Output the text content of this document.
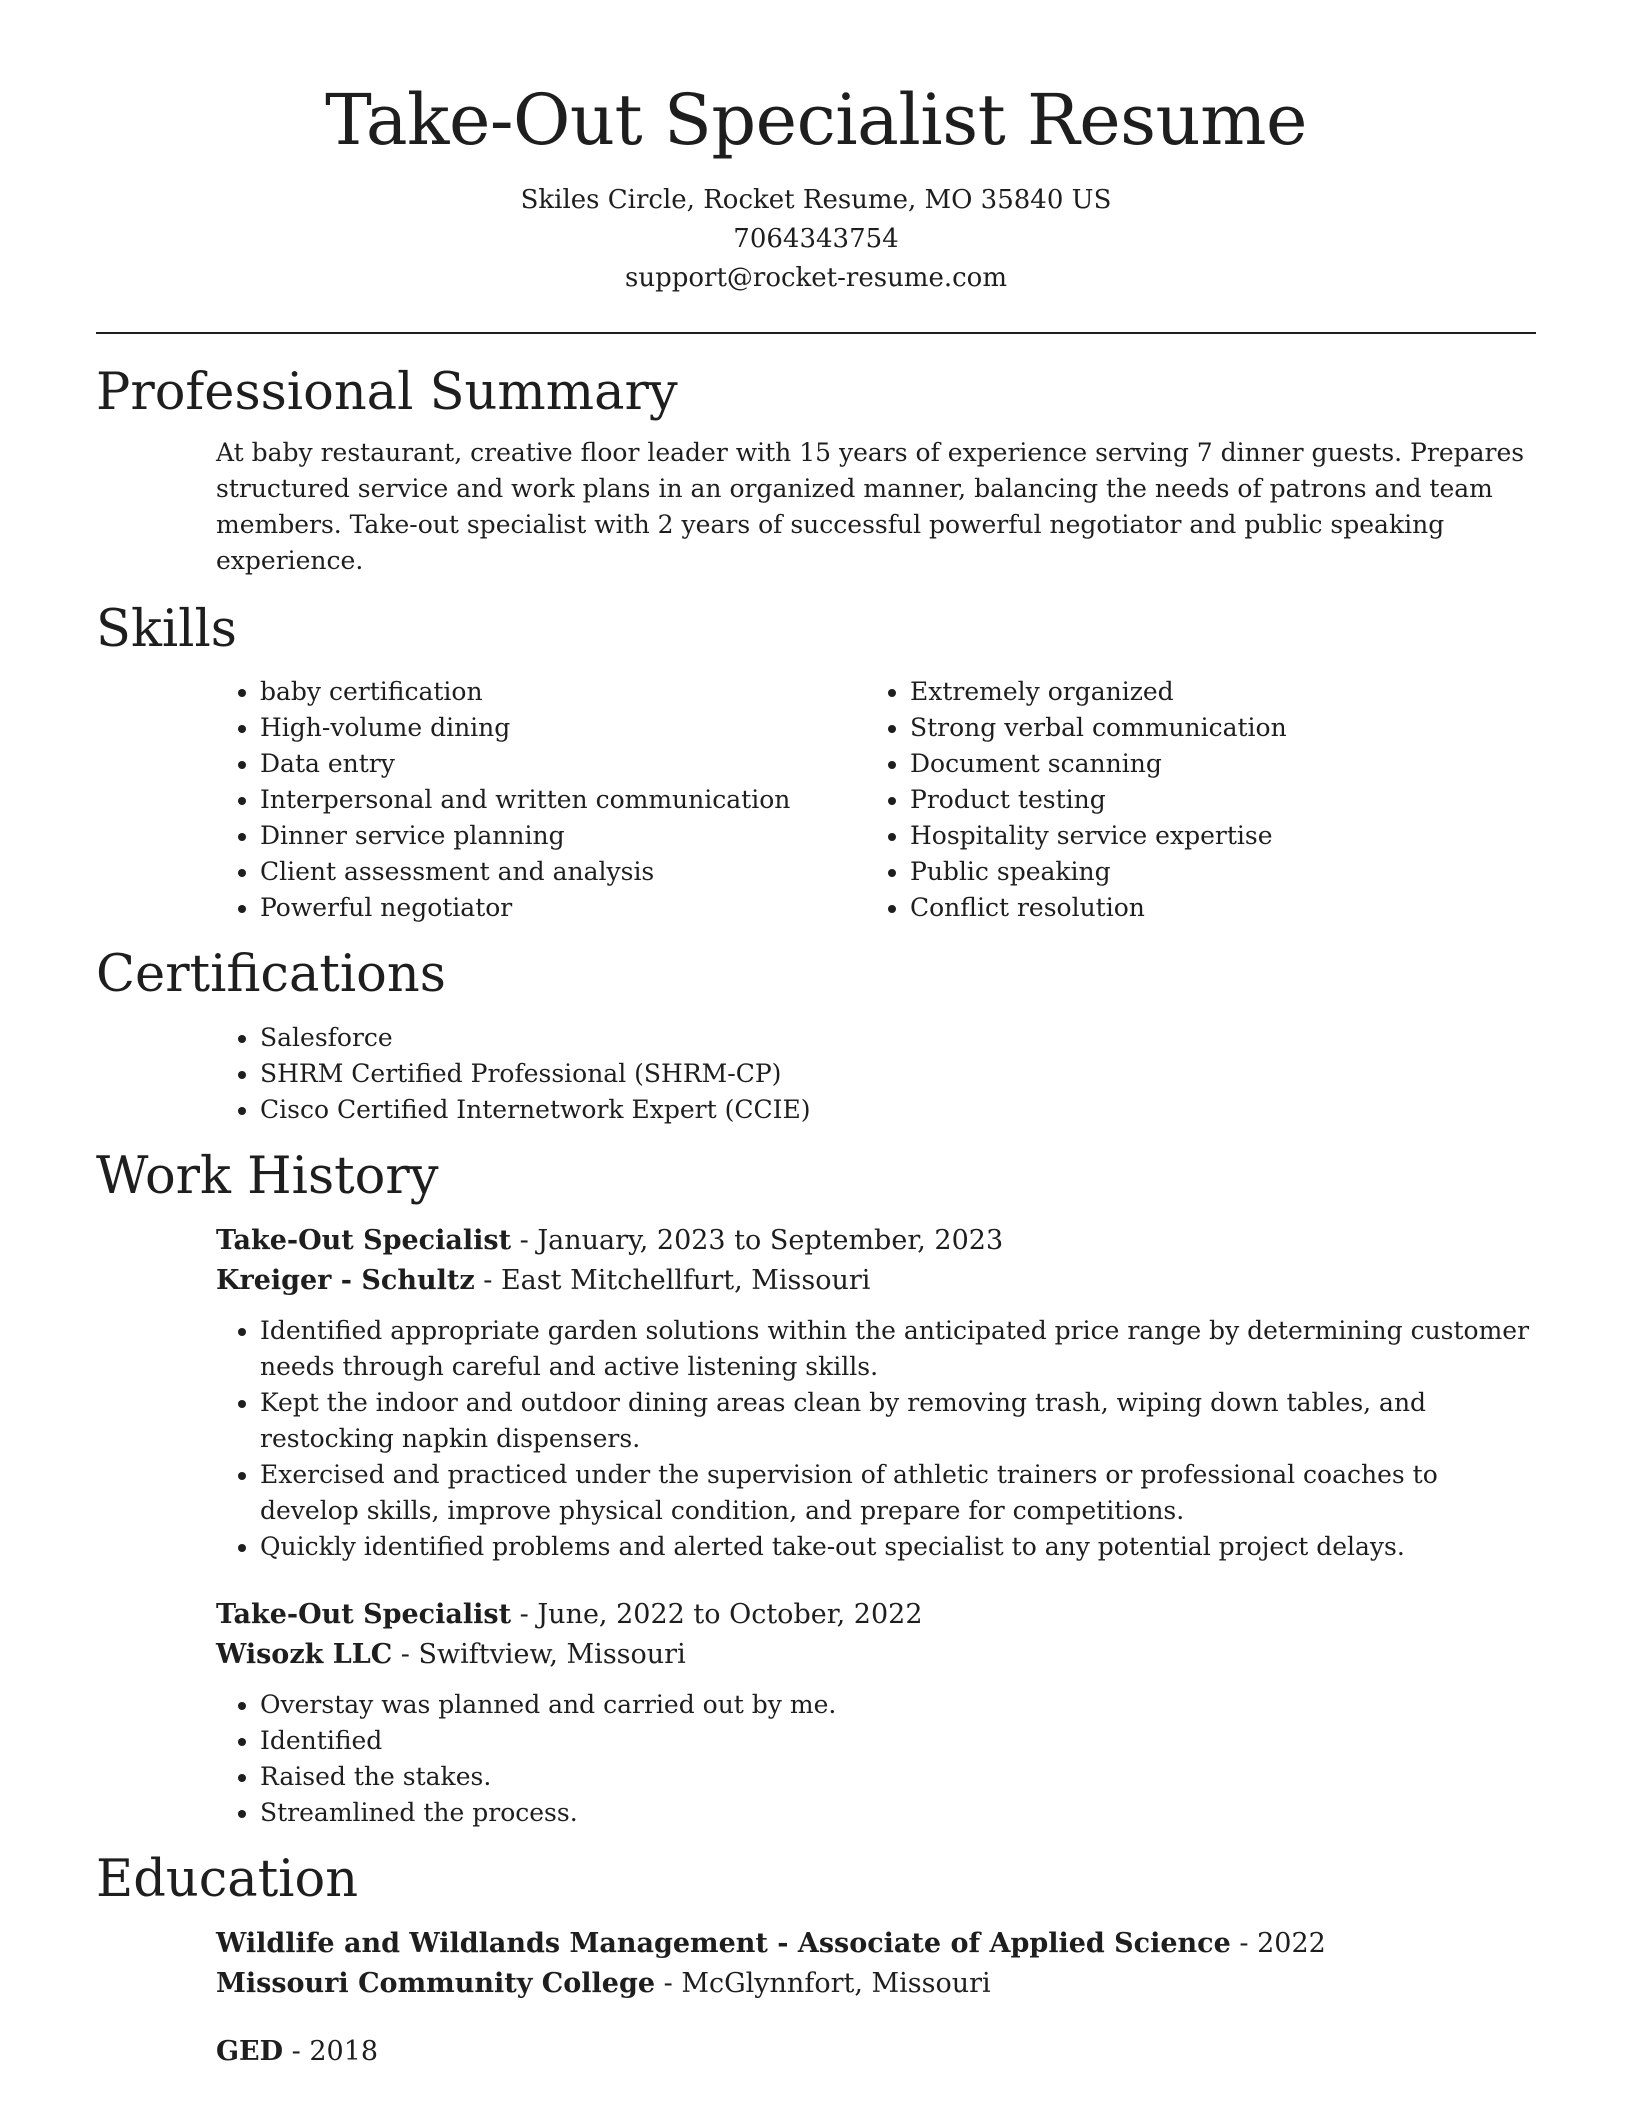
Take-Out Specialist Resume
Skiles Circle, Rocket Resume, MO 35840 US
7064343754
support@rocket-resume.com
Professional Summary

At baby restaurant, creative floor leader with 15 years of experience serving 7 dinner guests. Prepares structured service and work plans in an organized manner, balancing the needs of patrons and team members. Take-out specialist with 2 years of successful powerful negotiator and public speaking experience.

Skills
• baby certification
• High-volume dining
• Data entry
• Interpersonal and written communication
• Dinner service planning
• Client assessment and analysis
• Powerful negotiator
• Extremely organized
• Strong verbal communication
• Document scanning
• Product testing
• Hospitality service expertise
• Public speaking
• Conflict resolution
Certifications
• Salesforce
• SHRM Certified Professional (SHRM-CP)
• Cisco Certified Internetwork Expert (CCIE)
Work History
Take-Out Specialist - January, 2023 to September, 2023
Kreiger - Schultz - East Mitchellfurt, Missouri
• Identified appropriate garden solutions within the anticipated price range by determining customer needs through careful and active listening skills.
• Kept the indoor and outdoor dining areas clean by removing trash, wiping down tables, and restocking napkin dispensers.
• Exercised and practiced under the supervision of athletic trainers or professional coaches to develop skills, improve physical condition, and prepare for competitions.
• Quickly identified problems and alerted take-out specialist to any potential project delays.
Take-Out Specialist - June, 2022 to October, 2022
Wisozk LLC - Swiftview, Missouri
• Overstay was planned and carried out by me.
• Identified
• Raised the stakes.
• Streamlined the process.
Education
Wildlife and Wildlands Management - Associate of Applied Science - 2022
Missouri Community College - McGlynnfort, Missouri
GED - 2018
